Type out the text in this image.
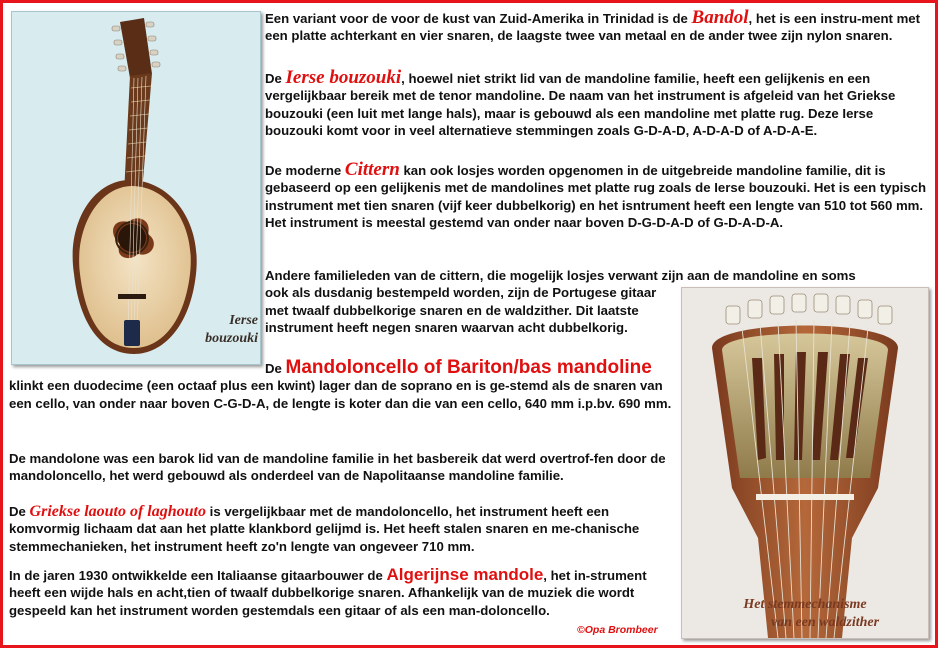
Ierse
bouzouki
Het stemmechanisme
van een waldzither

Een variant voor de voor de kust van Zuid-Amerika in Trinidad is de Bandol, het is een instru-ment met een platte achterkant en vier snaren, de laagste twee van metaal en de ander twee zijn nylon snaren.

De Ierse bouzouki, hoewel niet strikt lid van de mandoline familie, heeft een gelijkenis en een vergelijkbaar bereik met de tenor mandoline. De naam van het instrument is afgeleid van het Griekse bouzouki (een luit met lange hals), maar is gebouwd als een mandoline met platte rug. Deze Ierse bouzouki komt voor in veel alternatieve stemmingen zoals G-D-A-D, A-D-A-D of A-D-A-E.

De moderne Cittern kan ook losjes worden opgenomen in de uitgebreide mandoline familie, dit is gebaseerd op een gelijkenis met de mandolines met platte rug zoals de Ierse bouzouki. Het is een typisch instrument met tien snaren (vijf keer dubbelkorig) en het isntrument heeft een lengte van 510 tot 560 mm. Het instrument is meestal gestemd van onder naar boven D-G-D-A-D of G-D-A-D-A.

Andere familieleden van de cittern, die mogelijk losjes verwant zijn aan de mandoline en soms
ook als dusdanig bestempeld worden, zijn de Portugese gitaar met twaalf dubbelkorige snaren en de waldzither. Dit laatste instrument heeft negen snaren waarvan acht dubbelkorig.

De Mandoloncello of Bariton/bas mandoline klinkt een duodecime (een octaaf plus een kwint) lager dan de soprano en is ge-stemd als de snaren van een cello, van onder naar boven C-G-D-A, de lengte is koter dan die van een cello, 640 mm i.p.bv. 690 mm.

De mandolone was een barok lid van de mandoline familie in het basbereik dat werd overtrof-fen door de mandoloncello, het werd gebouwd als onderdeel van de Napolitaanse mandoline familie.

De Griekse laouto of laghouto is vergelijkbaar met de mandoloncello, het instrument heeft een komvormig lichaam dat aan het platte klankbord gelijmd is. Het heeft stalen snaren en me-chanische stemmechanieken, het instrument heeft zo'n lengte van ongeveer 710 mm.

In de jaren 1930 ontwikkelde een Italiaanse gitaarbouwer de Algerijnse mandole, het in-strument heeft een wijde hals en acht,tien of twaalf dubbelkorige snaren. Afhankelijk van de muziek die wordt gespeeld kan het instrument worden gestemdals een gitaar of als een man-doloncello.

©Opa Brombeer
